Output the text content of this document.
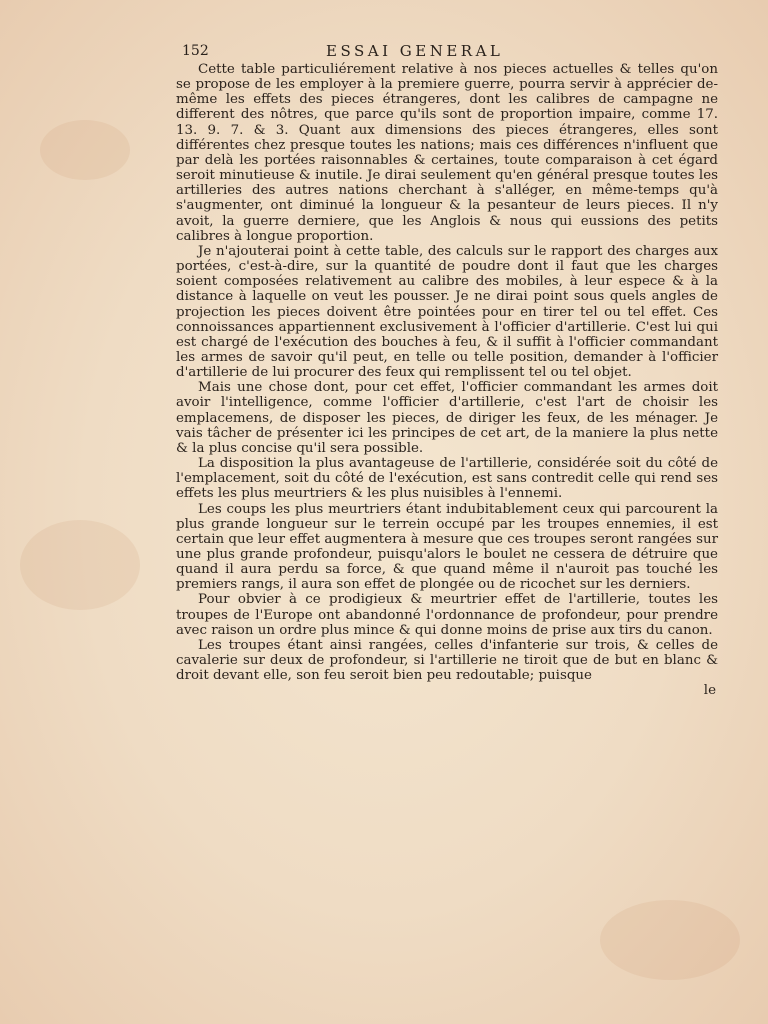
152	ESSAI GENERAL

Cette table particuliérement relative à nos pieces actuelles & telles qu'on se propose de les employer à la premiere guerre, pourra servir à apprécier de-même les effets des pieces étrangeres, dont les calibres de campagne ne different des nôtres, que parce qu'ils sont de proportion impaire, comme 17. 13. 9. 7. & 3. Quant aux dimensions des pieces étrangeres, elles sont différentes chez presque toutes les nations; mais ces différences n'influent que par delà les portées raisonnables & certaines, toute comparaison à cet égard seroit minutieuse & inutile. Je dirai seulement qu'en général presque toutes les artilleries des autres nations cherchant à s'alléger, en même-temps qu'à s'augmenter, ont diminué la longueur & la pesanteur de leurs pieces. Il n'y avoit, la guerre derniere, que les Anglois & nous qui eussions des petits calibres à longue proportion.

Je n'ajouterai point à cette table, des calculs sur le rapport des charges aux portées, c'est-à-dire, sur la quantité de poudre dont il faut que les charges soient composées relativement au calibre des mobiles, à leur espece & à la distance à laquelle on veut les pousser. Je ne dirai point sous quels angles de projection les pieces doivent être pointées pour en tirer tel ou tel effet. Ces connoissances appartiennent exclusivement à l'officier d'artillerie. C'est lui qui est chargé de l'exécution des bouches à feu, & il suffit à l'officier commandant les armes de savoir qu'il peut, en telle ou telle position, demander à l'officier d'artillerie de lui procurer des feux qui remplissent tel ou tel objet.

Mais une chose dont, pour cet effet, l'officier commandant les armes doit avoir l'intelligence, comme l'officier d'artillerie, c'est l'art de choisir les emplacemens, de disposer les pieces, de diriger les feux, de les ménager. Je vais tâcher de présenter ici les principes de cet art, de la maniere la plus nette & la plus concise qu'il sera possible.

La disposition la plus avantageuse de l'artillerie, considérée soit du côté de l'emplacement, soit du côté de l'exécution, est sans contredit celle qui rend ses effets les plus meurtriers & les plus nuisibles à l'ennemi.

Les coups les plus meurtriers étant indubitablement ceux qui parcourent la plus grande longueur sur le terrein occupé par les troupes ennemies, il est certain que leur effet augmentera à mesure que ces troupes seront rangées sur une plus grande profondeur, puisqu'alors le boulet ne cessera de détruire que quand il aura perdu sa force, & que quand même il n'auroit pas touché les premiers rangs, il aura son effet de plongée ou de ricochet sur les derniers.

Pour obvier à ce prodigieux & meurtrier effet de l'artillerie, toutes les troupes de l'Europe ont abandonné l'ordonnance de profondeur, pour prendre avec raison un ordre plus mince & qui donne moins de prise aux tirs du canon.

Les troupes étant ainsi rangées, celles d'infanterie sur trois, & celles de cavalerie sur deux de profondeur, si l'artillerie ne tiroit que de but en blanc & droit devant elle, son feu seroit bien peu redoutable; puisque

le
